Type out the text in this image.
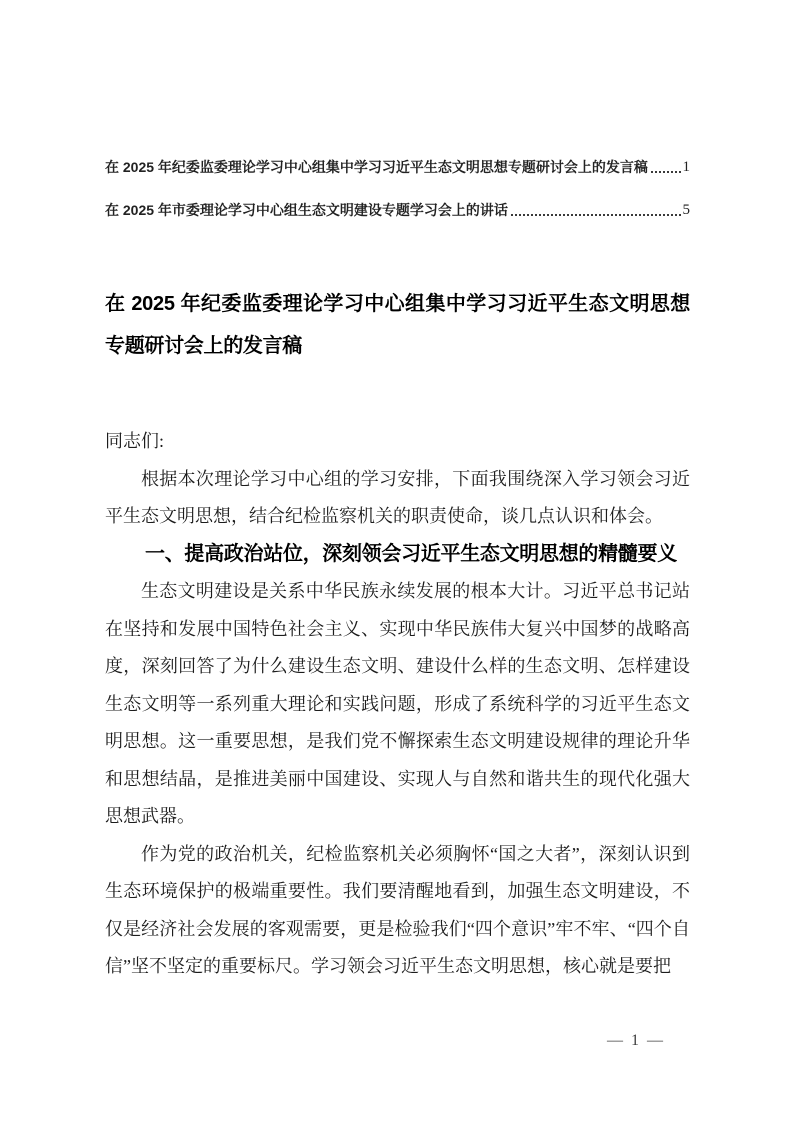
在 2025 年纪委监委理论学习中心组集中学习习近平生态文明思想专题研讨会上的发言稿 1
在 2025 年市委理论学习中心组生态文明建设专题学习会上的讲话	5
在 2025 年纪委监委理论学习中心组集中学习习近平生态文明思想专题研讨会上的发言稿

同志们:

根据本次理论学习中心组的学习安排，下面我围绕深入学习领会习近平生态文明思想，结合纪检监察机关的职责使命，谈几点认识和体会。

一、提高政治站位，深刻领会习近平生态文明思想的精髓要义

生态文明建设是关系中华民族永续发展的根本大计。习近平总书记站在坚持和发展中国特色社会主义、实现中华民族伟大复兴中国梦的战略高度，深刻回答了为什么建设生态文明、建设什么样的生态文明、怎样建设生态文明等一系列重大理论和实践问题，形成了系统科学的习近平生态文明思想。这一重要思想，是我们党不懈探索生态文明建设规律的理论升华和思想结晶，是推进美丽中国建设、实现人与自然和谐共生的现代化强大思想武器。

作为党的政治机关，纪检监察机关必须胸怀“国之大者”，深刻认识到生态环境保护的极端重要性。我们要清醒地看到，加强生态文明建设，不仅是经济社会发展的客观需要，更是检验我们“四个意识”牢不牢、“四个自信”坚不坚定的重要标尺。学习领会习近平生态文明思想，核心就是要把

— 1 —
